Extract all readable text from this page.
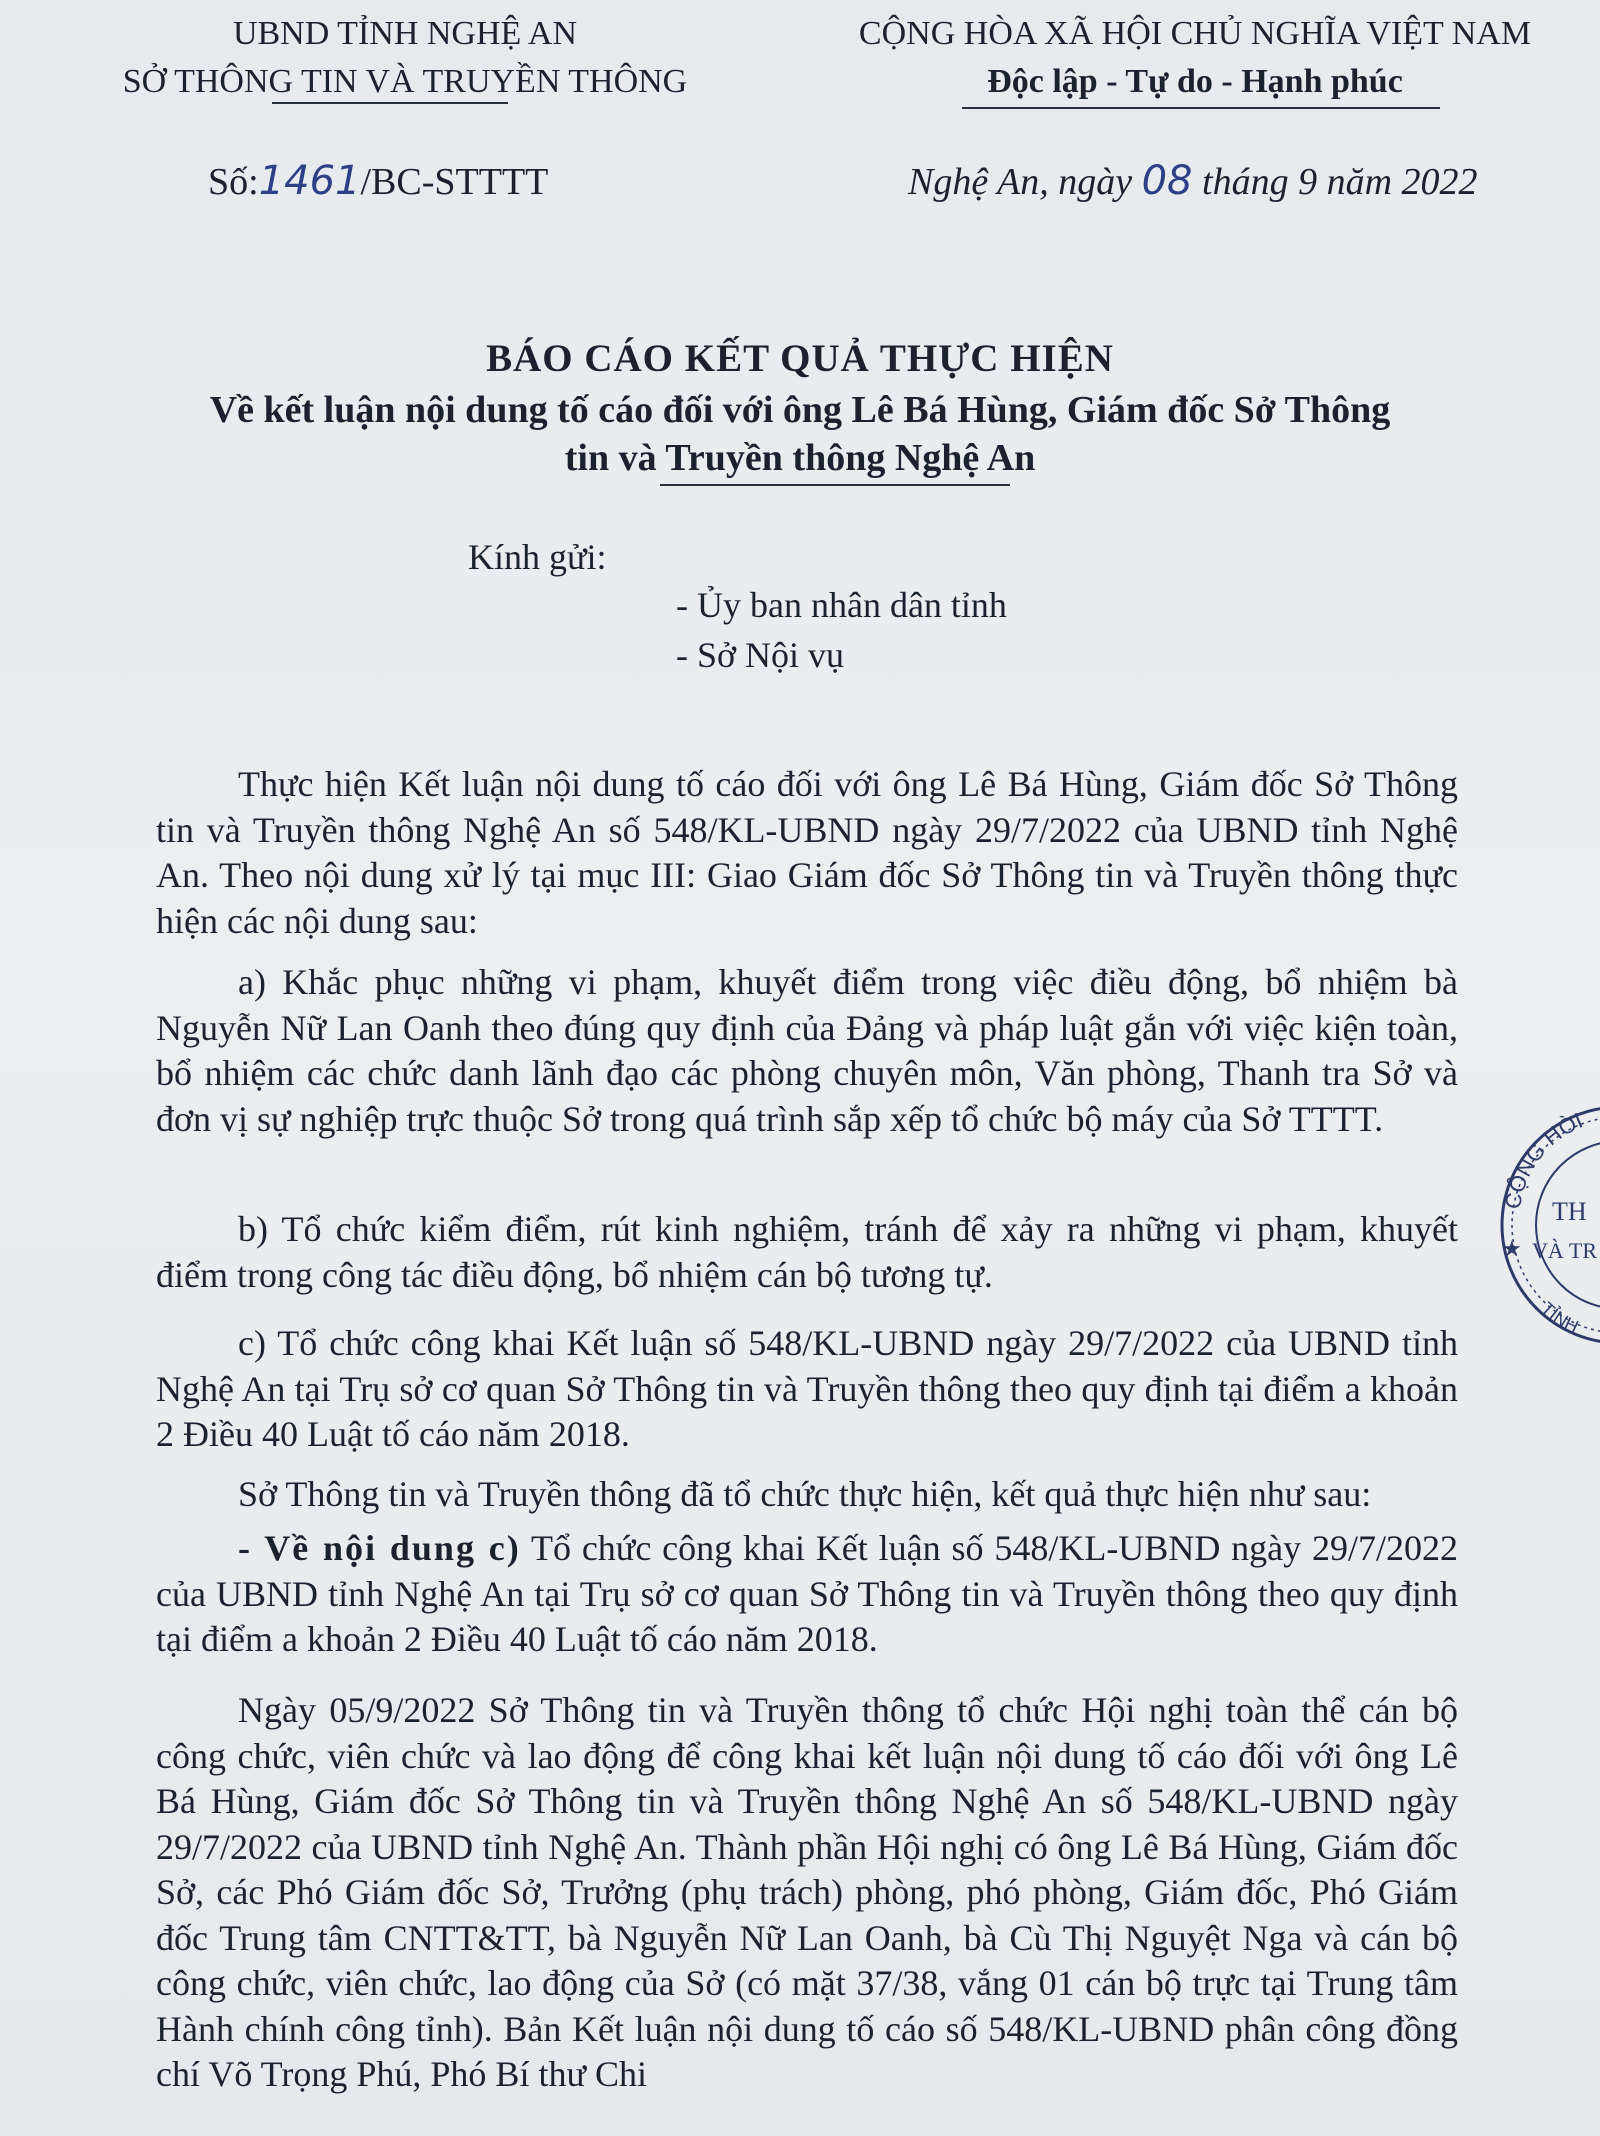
UBND TỈNH NGHỆ AN
SỞ THÔNG TIN VÀ TRUYỀN THÔNG
CỘNG HÒA XÃ HỘI CHỦ NGHĨA VIỆT NAM
Độc lập - Tự do - Hạnh phúc
Số:1461/BC-STTTT	Nghệ An, ngày 08 tháng 9 năm 2022
BÁO CÁO KẾT QUẢ THỰC HIỆN
Về kết luận nội dung tố cáo đối với ông Lê Bá Hùng, Giám đốc Sở Thông
tin và Truyền thông Nghệ An
Kính gửi:
- Ủy ban nhân dân tỉnh
- Sở Nội vụ
Thực hiện Kết luận nội dung tố cáo đối với ông Lê Bá Hùng, Giám đốc Sở Thông tin và Truyền thông Nghệ An số 548/KL-UBND ngày 29/7/2022 của UBND tỉnh Nghệ An. Theo nội dung xử lý tại mục III: Giao Giám đốc Sở Thông tin và Truyền thông thực hiện các nội dung sau:
a) Khắc phục những vi phạm, khuyết điểm trong việc điều động, bổ nhiệm bà Nguyễn Nữ Lan Oanh theo đúng quy định của Đảng và pháp luật gắn với việc kiện toàn, bổ nhiệm các chức danh lãnh đạo các phòng chuyên môn, Văn phòng, Thanh tra Sở và đơn vị sự nghiệp trực thuộc Sở trong quá trình sắp xếp tổ chức bộ máy của Sở TTTT.
b) Tổ chức kiểm điểm, rút kinh nghiệm, tránh để xảy ra những vi phạm, khuyết điểm trong công tác điều động, bổ nhiệm cán bộ tương tự.
c) Tổ chức công khai Kết luận số 548/KL-UBND ngày 29/7/2022 của UBND tỉnh Nghệ An tại Trụ sở cơ quan Sở Thông tin và Truyền thông theo quy định tại điểm a khoản 2 Điều 40 Luật tố cáo năm 2018.
Sở Thông tin và Truyền thông đã tổ chức thực hiện, kết quả thực hiện như sau:
- Về nội dung c) Tổ chức công khai Kết luận số 548/KL-UBND ngày 29/7/2022 của UBND tỉnh Nghệ An tại Trụ sở cơ quan Sở Thông tin và Truyền thông theo quy định tại điểm a khoản 2 Điều 40 Luật tố cáo năm 2018.
Ngày 05/9/2022 Sở Thông tin và Truyền thông tổ chức Hội nghị toàn thể cán bộ công chức, viên chức và lao động để công khai kết luận nội dung tố cáo đối với ông Lê Bá Hùng, Giám đốc Sở Thông tin và Truyền thông Nghệ An số 548/KL-UBND ngày 29/7/2022 của UBND tỉnh Nghệ An. Thành phần Hội nghị có ông Lê Bá Hùng, Giám đốc Sở, các Phó Giám đốc Sở, Trưởng (phụ trách) phòng, phó phòng, Giám đốc, Phó Giám đốc Trung tâm CNTT&TT, bà Nguyễn Nữ Lan Oanh, bà Cù Thị Nguyệt Nga và cán bộ công chức, viên chức, lao động của Sở (có mặt 37/38, vắng 01 cán bộ trực tại Trung tâm Hành chính công tỉnh). Bản Kết luận nội dung tố cáo số 548/KL-UBND phân công đồng chí Võ Trọng Phú, Phó Bí thư Chi
CỘNG HÒI
TỈNH
TH
VÀ TR
★
